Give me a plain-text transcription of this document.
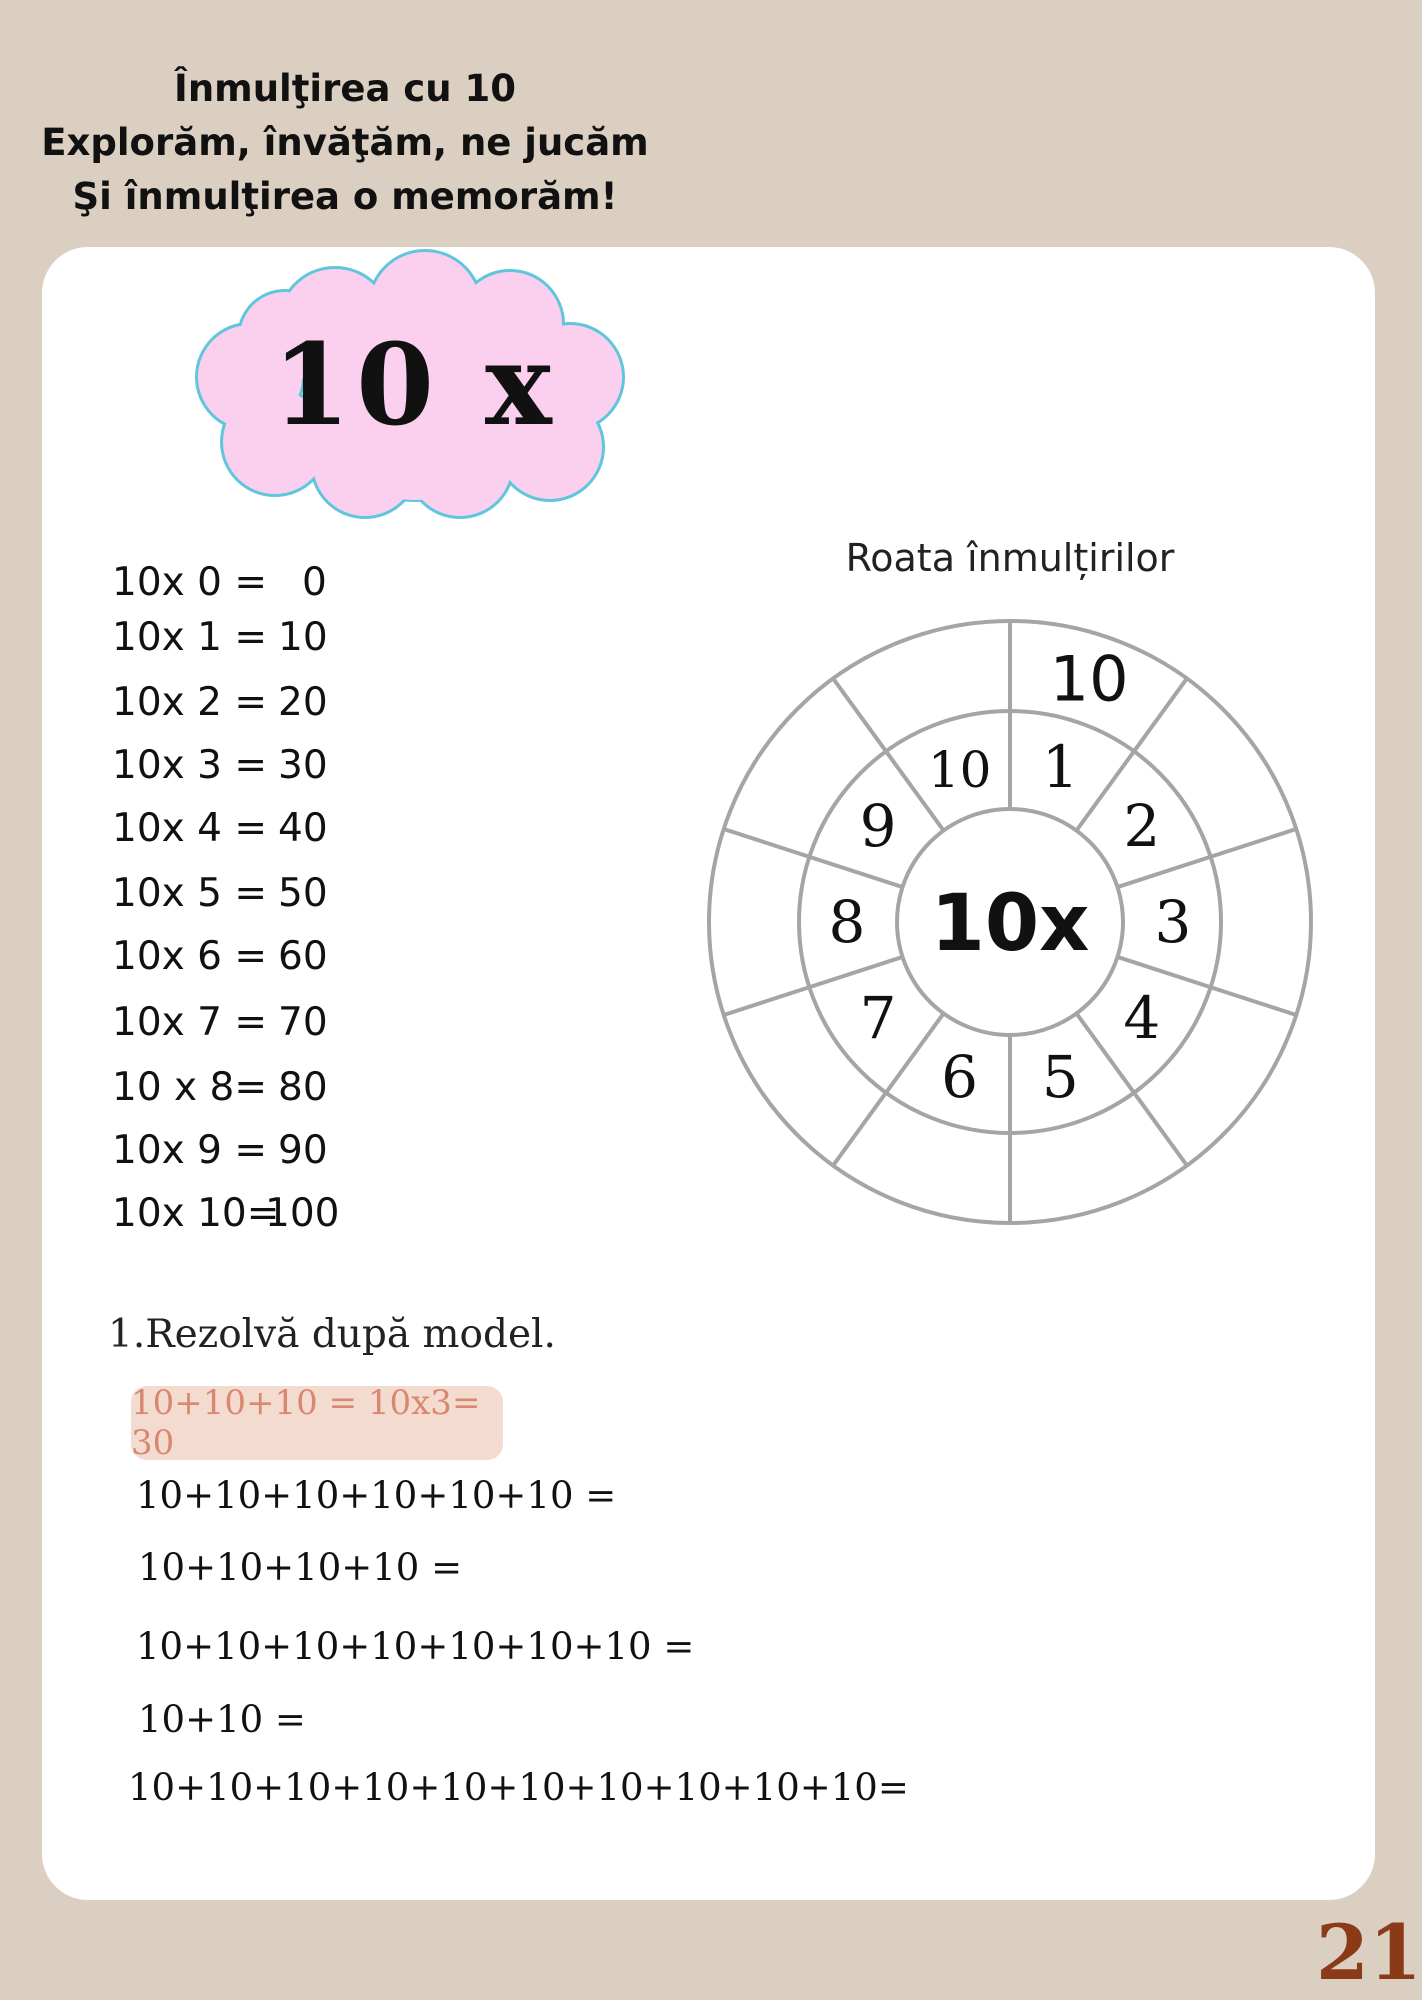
Înmulţirea cu 10
Explorăm, învăţăm, ne jucăm
Şi înmulţirea o memorăm!
10 x
10x 0 = 0
10x 1 = 10
10x 2 = 20
10x 3 = 30
10x 4 = 40
10x 5 = 50
10x 6 = 60
10x 7 = 70
10 x 8= 80
10x 9 = 90
10x 10=
100
Roata înmulțirilor
10x
1
2
3
4
5
6
7
8
9
10
10
1.Rezolvă după model.
10+10+10 = 10x3= 30
10+10+10+10+10+10 =
10+10+10+10 =
10+10+10+10+10+10+10 =
10+10 =
10+10+10+10+10+10+10+10+10+10=
21
